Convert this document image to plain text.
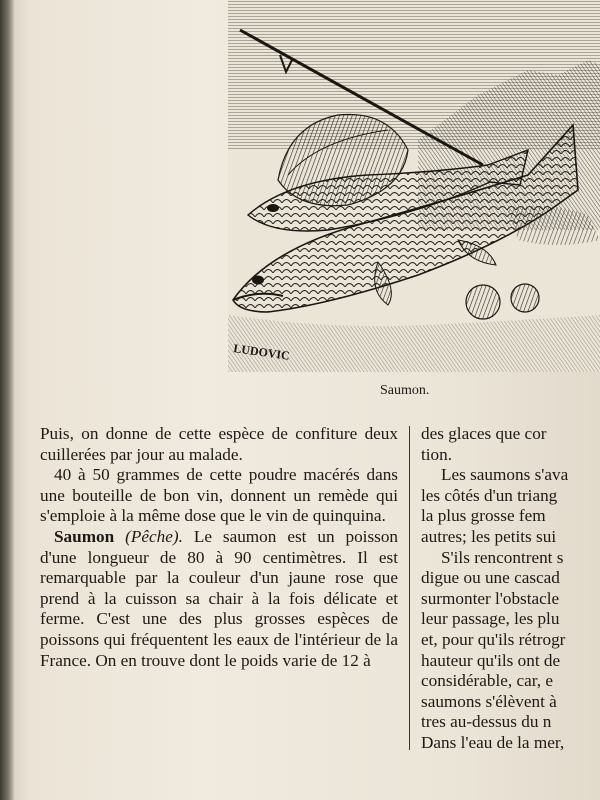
LUDOVIC
Saumon.

Puis, on donne de cette espèce de confiture deux cuillerées par jour au malade.

40 à 50 grammes de cette poudre macérés dans une bouteille de bon vin, donnent un remède qui s'emploie à la même dose que le vin de quinquina.

Saumon (Pêche). Le saumon est un poisson d'une longueur de 80 à 90 centimètres. Il est remarquable par la couleur d'un jaune rose que prend à la cuisson sa chair à la fois délicate et ferme. C'est une des plus grosses espèces de poissons qui fréquentent les eaux de l'intérieur de la France. On en trouve dont le poids varie de 12 à

des glaces que cor
tion.
Les saumons s'ava
les côtés d'un triang
la plus grosse fem
autres; les petits sui
S'ils rencontrent s
digue ou une cascad
surmonter l'obstacle
leur passage, les plu
et, pour qu'ils rétrogr
hauteur qu'ils ont de
considérable, car, e
saumons s'élèvent à
tres au-dessus du n
Dans l'eau de la mer,
